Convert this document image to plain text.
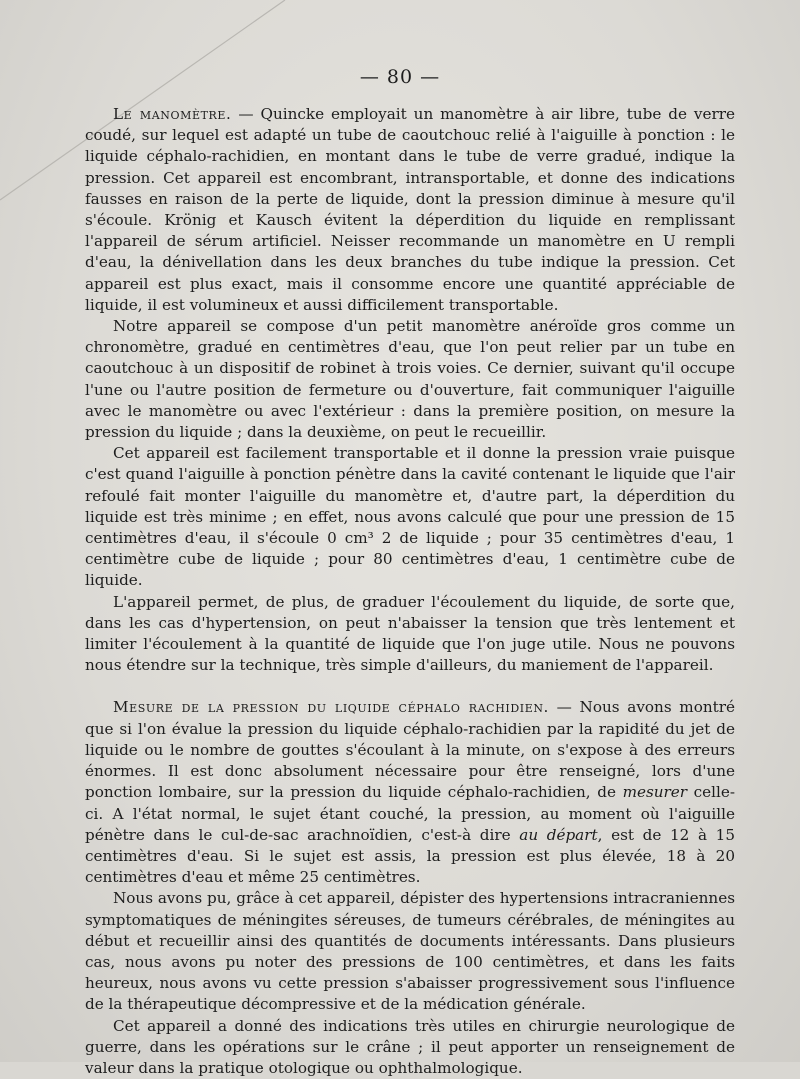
— 80 —

Le manomètre. — Quincke employait un manomètre à air libre, tube de verre coudé, sur lequel est adapté un tube de caoutchouc relié à l'aiguille à ponction : le liquide céphalo-rachidien, en montant dans le tube de verre gradué, indique la pression. Cet appareil est encombrant, intransportable, et donne des indications fausses en raison de la perte de liquide, dont la pression diminue à mesure qu'il s'écoule. Krönig et Kausch évitent la déperdition du liquide en remplissant l'appareil de sérum artificiel. Neisser recommande un manomètre en U rempli d'eau, la dénivellation dans les deux branches du tube indique la pression. Cet appareil est plus exact, mais il consomme encore une quantité appréciable de liquide, il est volumineux et aussi difficilement transportable.

Notre appareil se compose d'un petit manomètre anéroïde gros comme un chronomètre, gradué en centimètres d'eau, que l'on peut relier par un tube en caoutchouc à un dispositif de robinet à trois voies. Ce dernier, suivant qu'il occupe l'une ou l'autre position de fermeture ou d'ouverture, fait communiquer l'aiguille avec le manomètre ou avec l'extérieur : dans la première position, on mesure la pression du liquide ; dans la deuxième, on peut le recueillir.

Cet appareil est facilement transportable et il donne la pression vraie puisque c'est quand l'aiguille à ponction pénètre dans la cavité contenant le liquide que l'air refoulé fait monter l'aiguille du manomètre et, d'autre part, la déperdition du liquide est très minime ; en effet, nous avons calculé que pour une pression de 15 centimètres d'eau, il s'écoule 0 cm³ 2 de liquide ; pour 35 centimètres d'eau, 1 centimètre cube de liquide ; pour 80 centimètres d'eau, 1 centimètre cube de liquide.

L'appareil permet, de plus, de graduer l'écoulement du liquide, de sorte que, dans les cas d'hypertension, on peut n'abaisser la tension que très lentement et limiter l'écoulement à la quantité de liquide que l'on juge utile. Nous ne pouvons nous étendre sur la technique, très simple d'ailleurs, du maniement de l'appareil.

Mesure de la pression du liquide céphalo rachidien. — Nous avons montré que si l'on évalue la pression du liquide céphalo-rachidien par la rapidité du jet de liquide ou le nombre de gouttes s'écoulant à la minute, on s'expose à des erreurs énormes. Il est donc absolument nécessaire pour être renseigné, lors d'une ponction lombaire, sur la pression du liquide céphalo-rachidien, de mesurer celle-ci. A l'état normal, le sujet étant couché, la pression, au moment où l'aiguille pénètre dans le cul-de-sac arachnoïdien, c'est-à dire au départ, est de 12 à 15 centimètres d'eau. Si le sujet est assis, la pression est plus élevée, 18 à 20 centimètres d'eau et même 25 centimètres.

Nous avons pu, grâce à cet appareil, dépister des hypertensions intracraniennes symptomatiques de méningites séreuses, de tumeurs cérébrales, de méningites au début et recueillir ainsi des quantités de documents intéressants. Dans plusieurs cas, nous avons pu noter des pressions de 100 centimètres, et dans les faits heureux, nous avons vu cette pression s'abaisser progressivement sous l'influence de la thérapeutique décompressive et de la médication générale.

Cet appareil a donné des indications très utiles en chirurgie neurologique de guerre, dans les opérations sur le crâne ; il peut apporter un renseignement de valeur dans la pratique otologique ou ophthalmologique.
